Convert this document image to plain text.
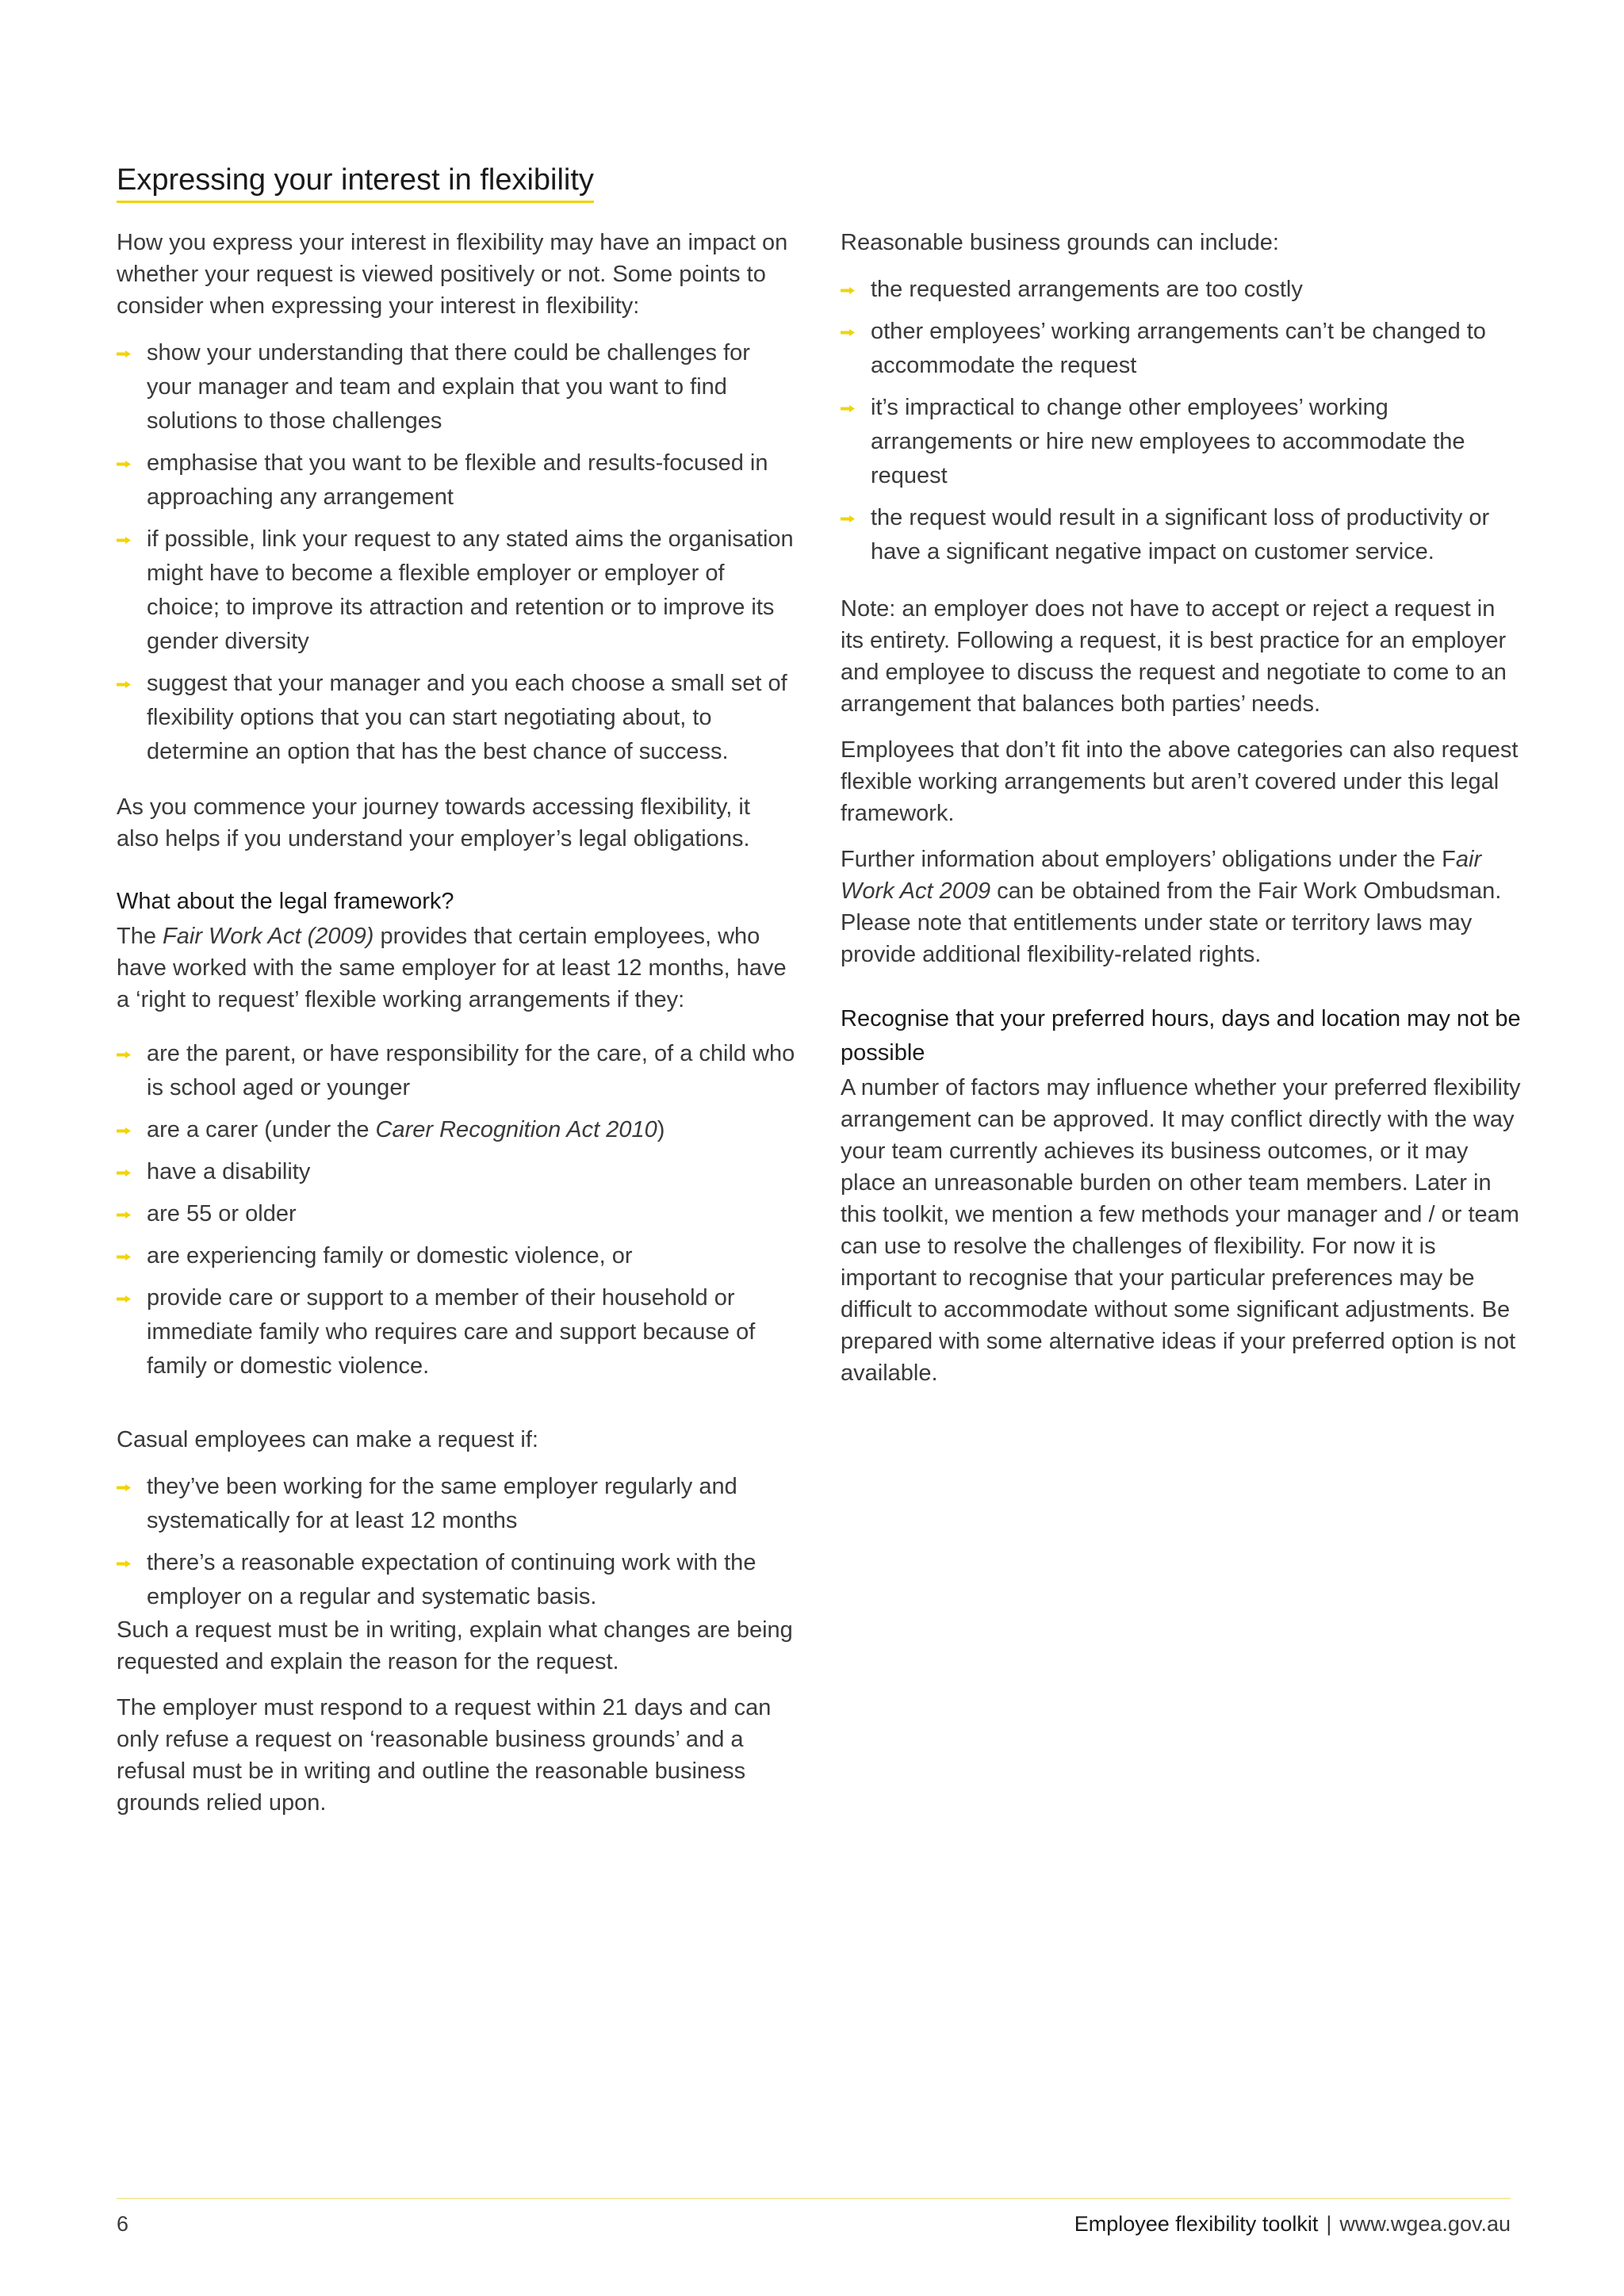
Expressing your interest in flexibility

How you express your interest in flexibility may have an impact on whether your request is viewed positively or not. Some points to consider when expressing your interest in flexibility:

show your understanding that there could be challenges for your manager and team and explain that you want to find solutions to those challenges
emphasise that you want to be flexible and results-focused in approaching any arrangement
if possible, link your request to any stated aims the organisation might have to become a flexible employer or employer of choice; to improve its attraction and retention or to improve its gender diversity
suggest that your manager and you each choose a small set of flexibility options that you can start negotiating about, to determine an option that has the best chance of success.

As you commence your journey towards accessing flexibility, it also helps if you understand your employer’s legal obligations.

What about the legal framework?

The Fair Work Act (2009) provides that certain employees, who have worked with the same employer for at least 12 months, have a ‘right to request’ flexible working arrangements if they:

are the parent, or have responsibility for the care, of a child who is school aged or younger
are a carer (under the Carer Recognition Act 2010)
have a disability
are 55 or older
are experiencing family or domestic violence, or
provide care or support to a member of their household or immediate family who requires care and support because of family or domestic violence.

Casual employees can make a request if:

they’ve been working for the same employer regularly and systematically for at least 12 months
there’s a reasonable expectation of continuing work with the employer on a regular and systematic basis.

Such a request must be in writing, explain what changes are being requested and explain the reason for the request.

The employer must respond to a request within 21 days and can only refuse a request on ‘reasonable business grounds’ and a refusal must be in writing and outline the reasonable business grounds relied upon.

Reasonable business grounds can include:

the requested arrangements are too costly
other employees’ working arrangements can’t be changed to accommodate the request
it’s impractical to change other employees’ working arrangements or hire new employees to accommodate the request
the request would result in a significant loss of productivity or have a significant negative impact on customer service.

Note: an employer does not have to accept or reject a request in its entirety. Following a request, it is best practice for an employer and employee to discuss the request and negotiate to come to an arrangement that balances both parties’ needs.

Employees that don’t fit into the above categories can also request flexible working arrangements but aren’t covered under this legal framework.

Further information about employers’ obligations under the Fair Work Act 2009 can be obtained from the Fair Work Ombudsman. Please note that entitlements under state or territory laws may provide additional flexibility-related rights.

Recognise that your preferred hours, days and location may not be possible

A number of factors may influence whether your preferred flexibility arrangement can be approved. It may conflict directly with the way your team currently achieves its business outcomes, or it may place an unreasonable burden on other team members. Later in this toolkit, we mention a few methods your manager and / or team can use to resolve the challenges of flexibility. For now it is important to recognise that your particular preferences may be difficult to accommodate without some significant adjustments. Be prepared with some alternative ideas if your preferred option is not available.

6	Employee flexibility toolkit | www.wgea.gov.au
